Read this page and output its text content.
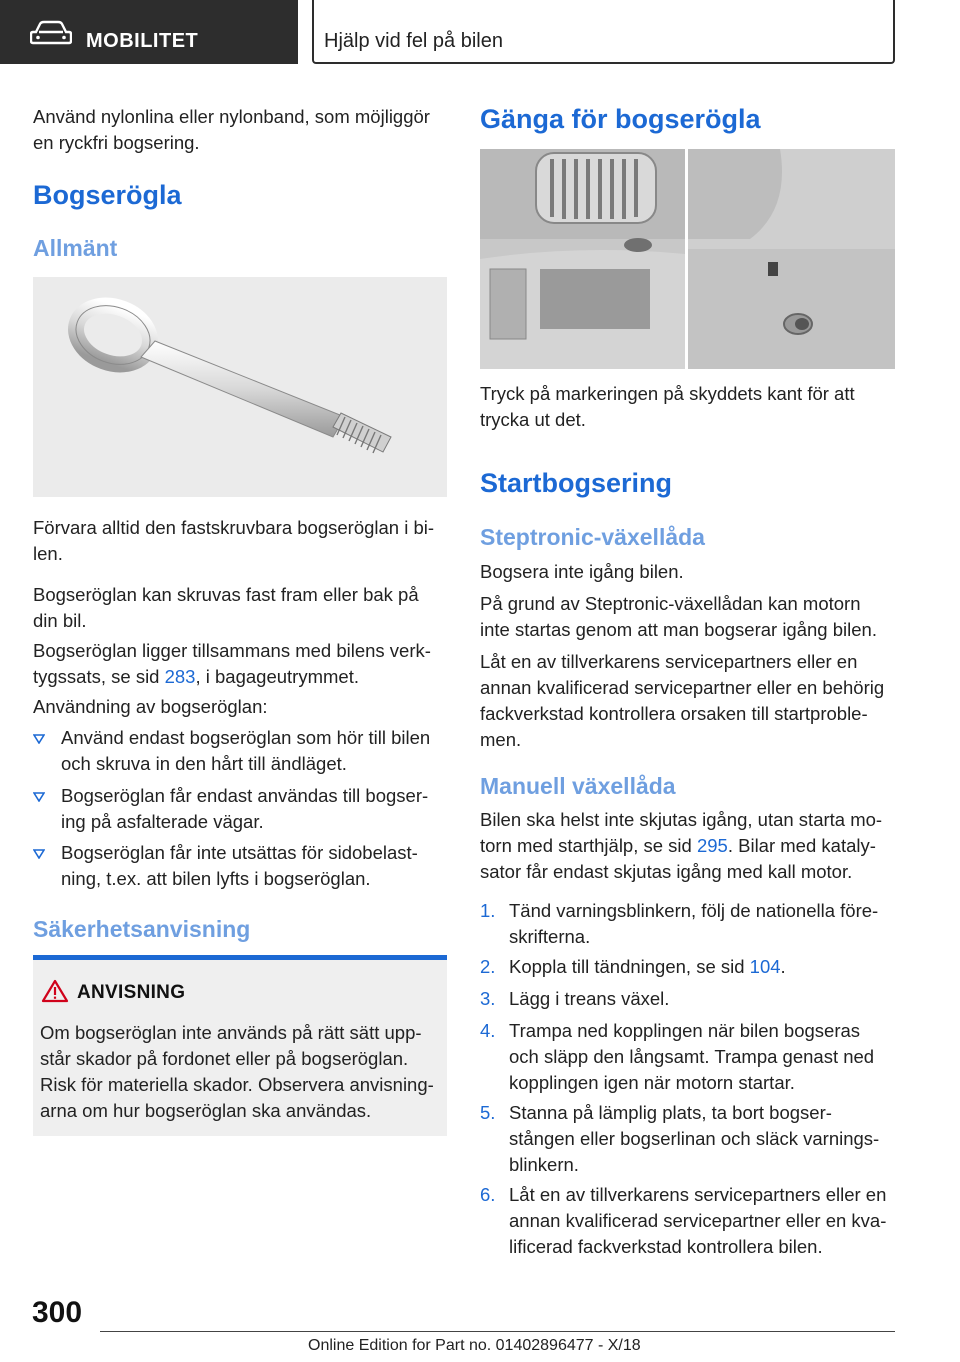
MOBILITET	Hjälp vid fel på bilen

Använd nylonlina eller nylonband, som möjliggör

en ryckfri bogsering.

Bogserögla
Allmänt

Förvara alltid den fastskruvbara bogseröglan i bi-

len.

Bogseröglan kan skruvas fast fram eller bak på

din bil.

Bogseröglan ligger tillsammans med bilens verk-

tygssats, se sid 283, i bagageutrymmet.

Användning av bogseröglan:

Använd endast bogseröglan som hör till bilen

och skruva in den hårt till ändläget.

Bogseröglan får endast användas till bogser-

ing på asfalterade vägar.

Bogseröglan får inte utsättas för sidobelast-

ning, t.ex. att bilen lyfts i bogseröglan.

Säkerhetsanvisning
ANVISNING

Om bogseröglan inte används på rätt sätt upp-

står skador på fordonet eller på bogseröglan.

Risk för materiella skador. Observera anvisning-

arna om hur bogseröglan ska användas.

Gänga för bogserögla

Tryck på markeringen på skyddets kant för att

trycka ut det.

Startbogsering
Steptronic-växellåda

Bogsera inte igång bilen.

På grund av Steptronic-växellådan kan motorn

inte startas genom att man bogserar igång bilen.

Låt en av tillverkarens servicepartners eller en

annan kvalificerad servicepartner eller en behörig

fackverkstad kontrollera orsaken till startproble-

men.

Manuell växellåda

Bilen ska helst inte skjutas igång, utan starta mo-

torn med starthjälp, se sid 295. Bilar med kataly-

sator får endast skjutas igång med kall motor.

1. Tänd varningsblinkern, följ de nationella före-

skrifterna.

2. Koppla till tändningen, se sid 104.

3. Lägg i treans växel.

4. Trampa ned kopplingen när bilen bogseras

och släpp den långsamt. Trampa genast ned

kopplingen igen när motorn startar.

5. Stanna på lämplig plats, ta bort bogser-

stången eller bogserlinan och släck varnings-

blinkern.

6. Låt en av tillverkarens servicepartners eller en

annan kvalificerad servicepartner eller en kva-

lificerad fackverkstad kontrollera bilen.

300
Online Edition for Part no. 01402896477 - X/18
